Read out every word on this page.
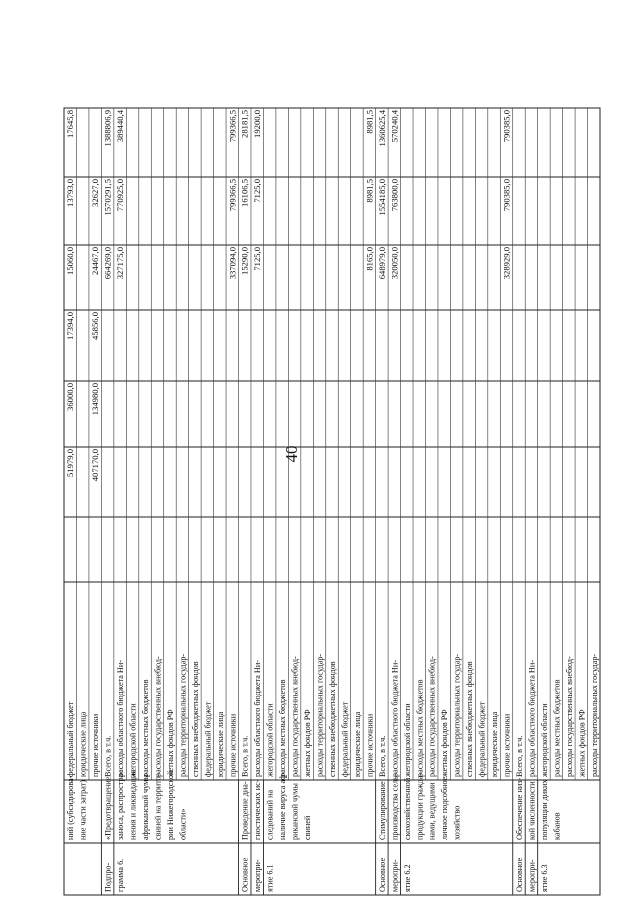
40
ний (субсидирова-
федеральный бюджет
51979,0
36000,0
17394,0
15060,0
13793,0
17645,8
ние части затрат)
юридические лица прочие источники
407170,0
134980,0
45856,0
24467,0
32627,0
Подпро-
«Предотвращение
Всего, в т.ч.
664269,0
1570291,5
1388806,9
грамма 6.
заноса, распростра-
расходы областного бюджета Ни-
327175,0
770925,0
389440,4
нения и ликвидация
жегородской области
африканской чумы
расходы местных бюджетов
свиней на террито-
расходы государственных внебюд-
рии Нижегородской
жетных фондов РФ
области»
расходы территориальных государ- ственных внебюджетных фондов федеральный бюджет юридические лица прочие источники
337094,0
799366,5
799366,5
Основное
Проведение диа-
Всего, в т.ч.
15290,0
16106,5
28181,5
меропри-
гностических ис-
расходы областного бюджета Ни-
7125,0
7125,0
19200,0
ятие 6.1
следований на
жегородской области
наличие вируса аф-
расходы местных бюджетов
риканской чумы
расходы государственных внебюд-
свиней
жетных фондов РФ расходы территориальных государ- ственных внебюджетных фондов федеральный бюджет юридические лица прочие источники
8165,0
8981,5
8981,5
Основное
Стимулирование
Всего, в т.ч.
648979,0
1554185,0
1360625,4
меропри-
производства сель-
расходы областного бюджета Ни-
320050,0
763800,0
570240,4
ятие 6.2
скохозяйственной
жегородской области
продукции гражда-
расходы местных бюджетов
нами, ведущими
расходы государственных внебюд-
личное подсобное
жетных фондов РФ
хозяйство
расходы территориальных государ- ственных внебюджетных фондов федеральный бюджет юридические лица прочие источники
328929,0
790385,0
790385,0
Основное
Обеспечение низ-
Всего, в т.ч.
меропри-
кой численности
расходы областного бюджета Ни-
ятие 6.3
популяции диких
жегородской области
кабанов
расходы местных бюджетов расходы государственных внебюд- жетных фондов РФ расходы территориальных государ-
